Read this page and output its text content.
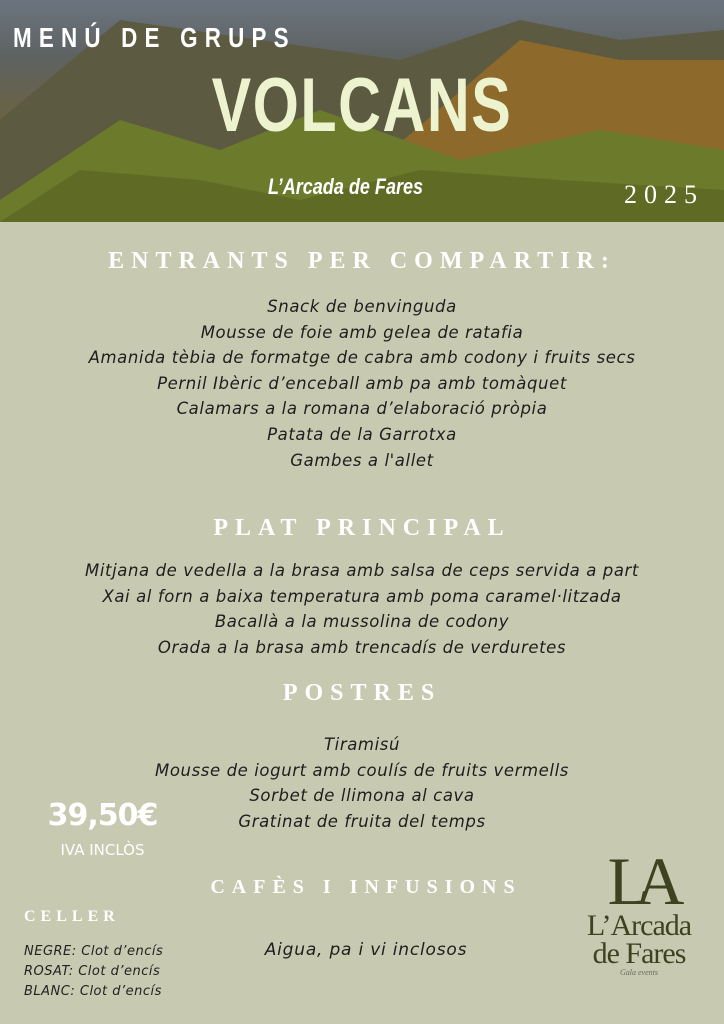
MENÚ DE GRUPS
VOLCANS
L’Arcada de Fares	2025
ENTRANTS PER COMPARTIR:
Snack de benvinguda
Mousse de foie amb gelea de ratafia
Amanida tèbia de formatge de cabra amb codony i fruits secs
Pernil Ibèric d’enceball amb pa amb tomàquet
Calamars a la romana d’elaboració pròpia
Patata de la Garrotxa
Gambes a l'allet
PLAT PRINCIPAL
Mitjana de vedella a la brasa amb salsa de ceps servida a part
Xai al forn a baixa temperatura amb poma caramel·litzada
Bacallà a la mussolina de codony
Orada a la brasa amb trencadís de verduretes
POSTRES
Tiramisú
Mousse de iogurt amb coulís de fruits vermells
Sorbet de llimona al cava
Gratinat de fruita del temps
39,50€
IVA INCLÒS
CAFÈS I INFUSIONS
Aigua, pa i vi inclosos
CELLER
NEGRE: Clot d’encís
ROSAT: Clot d’encís
BLANC: Clot d’encís
LA
L’Arcada
de Fares
Gala events
